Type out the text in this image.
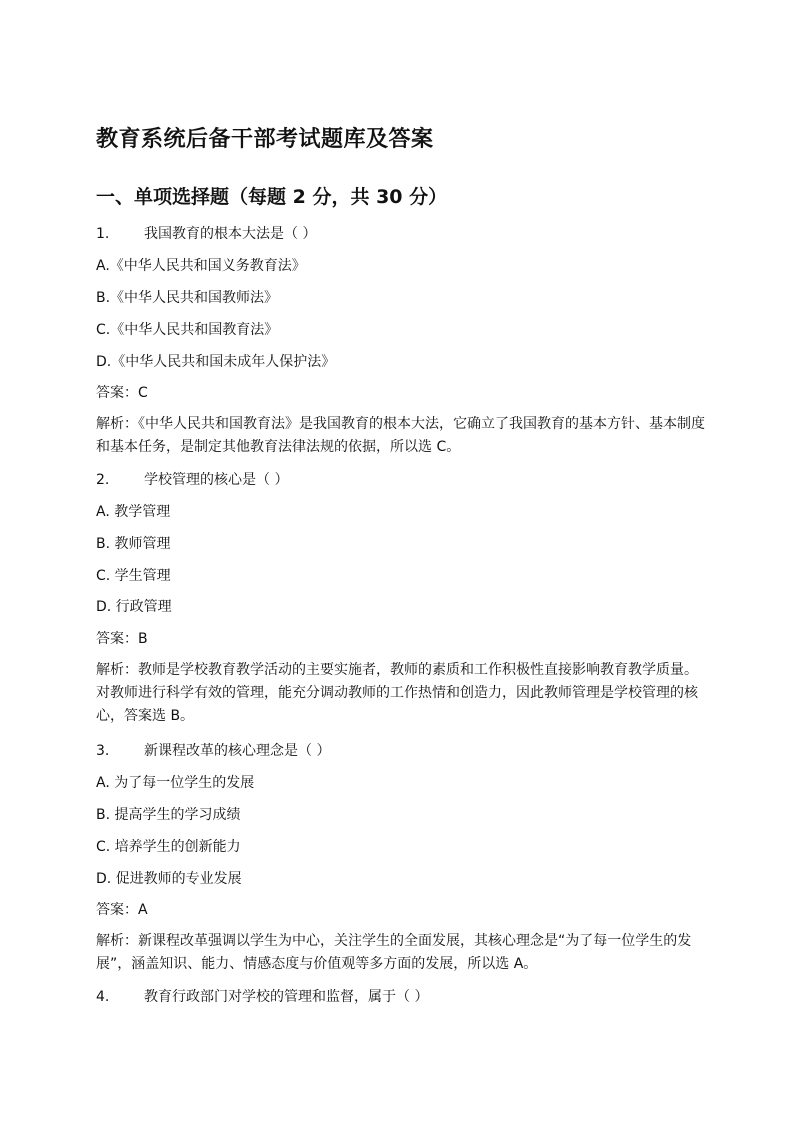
教育系统后备干部考试题库及答案
一、单项选择题（每题 2 分，共 30 分）

1. 我国教育的根本大法是（ ）

A.《中华人民共和国义务教育法》

B.《中华人民共和国教师法》

C.《中华人民共和国教育法》

D.《中华人民共和国未成年人保护法》

答案：C

解析：《中华人民共和国教育法》是我国教育的根本大法，它确立了我国教育的基本方针、基本制度和基本任务，是制定其他教育法律法规的依据，所以选 C。

2. 学校管理的核心是（ ）

A. 教学管理

B. 教师管理

C. 学生管理

D. 行政管理

答案：B

解析：教师是学校教育教学活动的主要实施者，教师的素质和工作积极性直接影响教育教学质量。对教师进行科学有效的管理，能充分调动教师的工作热情和创造力，因此教师管理是学校管理的核心，答案选 B。

3. 新课程改革的核心理念是（ ）

A. 为了每一位学生的发展

B. 提高学生的学习成绩

C. 培养学生的创新能力

D. 促进教师的专业发展

答案：A

解析：新课程改革强调以学生为中心，关注学生的全面发展，其核心理念是“为了每一位学生的发展”，涵盖知识、能力、情感态度与价值观等多方面的发展，所以选 A。

4. 教育行政部门对学校的管理和监督，属于（ ）
